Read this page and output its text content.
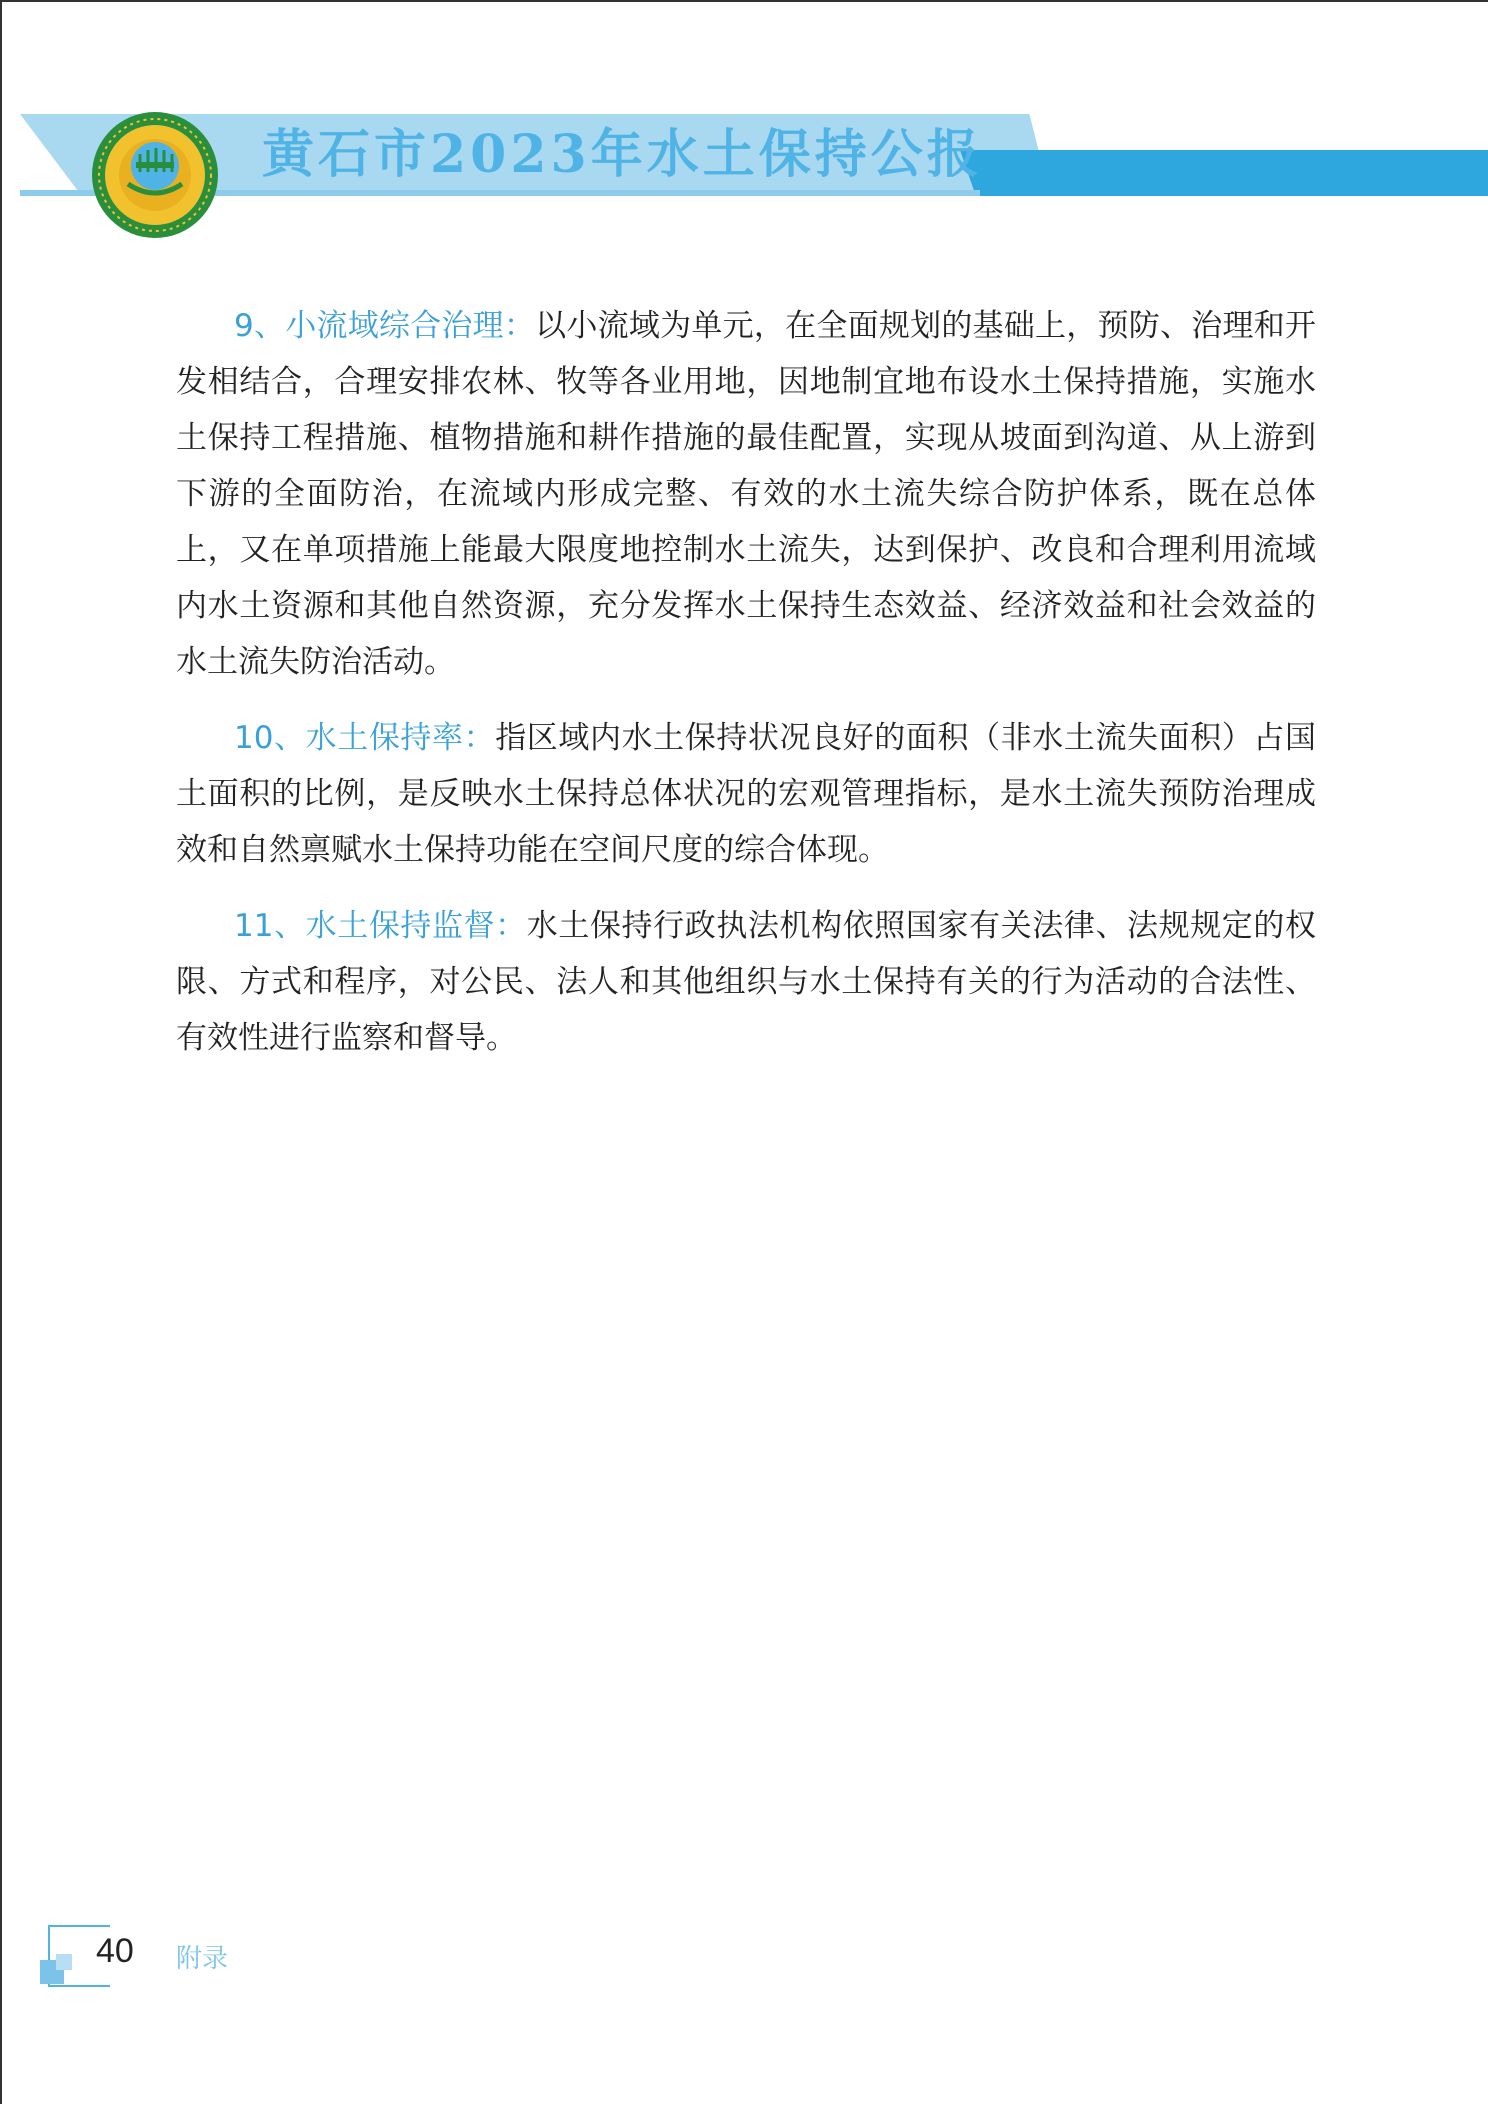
黄石市2023年水土保持公报

9、小流域综合治理：以小流域为单元，在全面规划的基础上，预防、治理和开发相结合，合理安排农林、牧等各业用地，因地制宜地布设水土保持措施，实施水土保持工程措施、植物措施和耕作措施的最佳配置，实现从坡面到沟道、从上游到下游的全面防治，在流域内形成完整、有效的水土流失综合防护体系，既在总体上，又在单项措施上能最大限度地控制水土流失，达到保护、改良和合理利用流域内水土资源和其他自然资源，充分发挥水土保持生态效益、经济效益和社会效益的水土流失防治活动。

10、水土保持率：指区域内水土保持状况良好的面积（非水土流失面积）占国土面积的比例，是反映水土保持总体状况的宏观管理指标，是水土流失预防治理成效和自然禀赋水土保持功能在空间尺度的综合体现。

11、水土保持监督：水土保持行政执法机构依照国家有关法律、法规规定的权限、方式和程序，对公民、法人和其他组织与水土保持有关的行为活动的合法性、有效性进行监察和督导。

40 附录
